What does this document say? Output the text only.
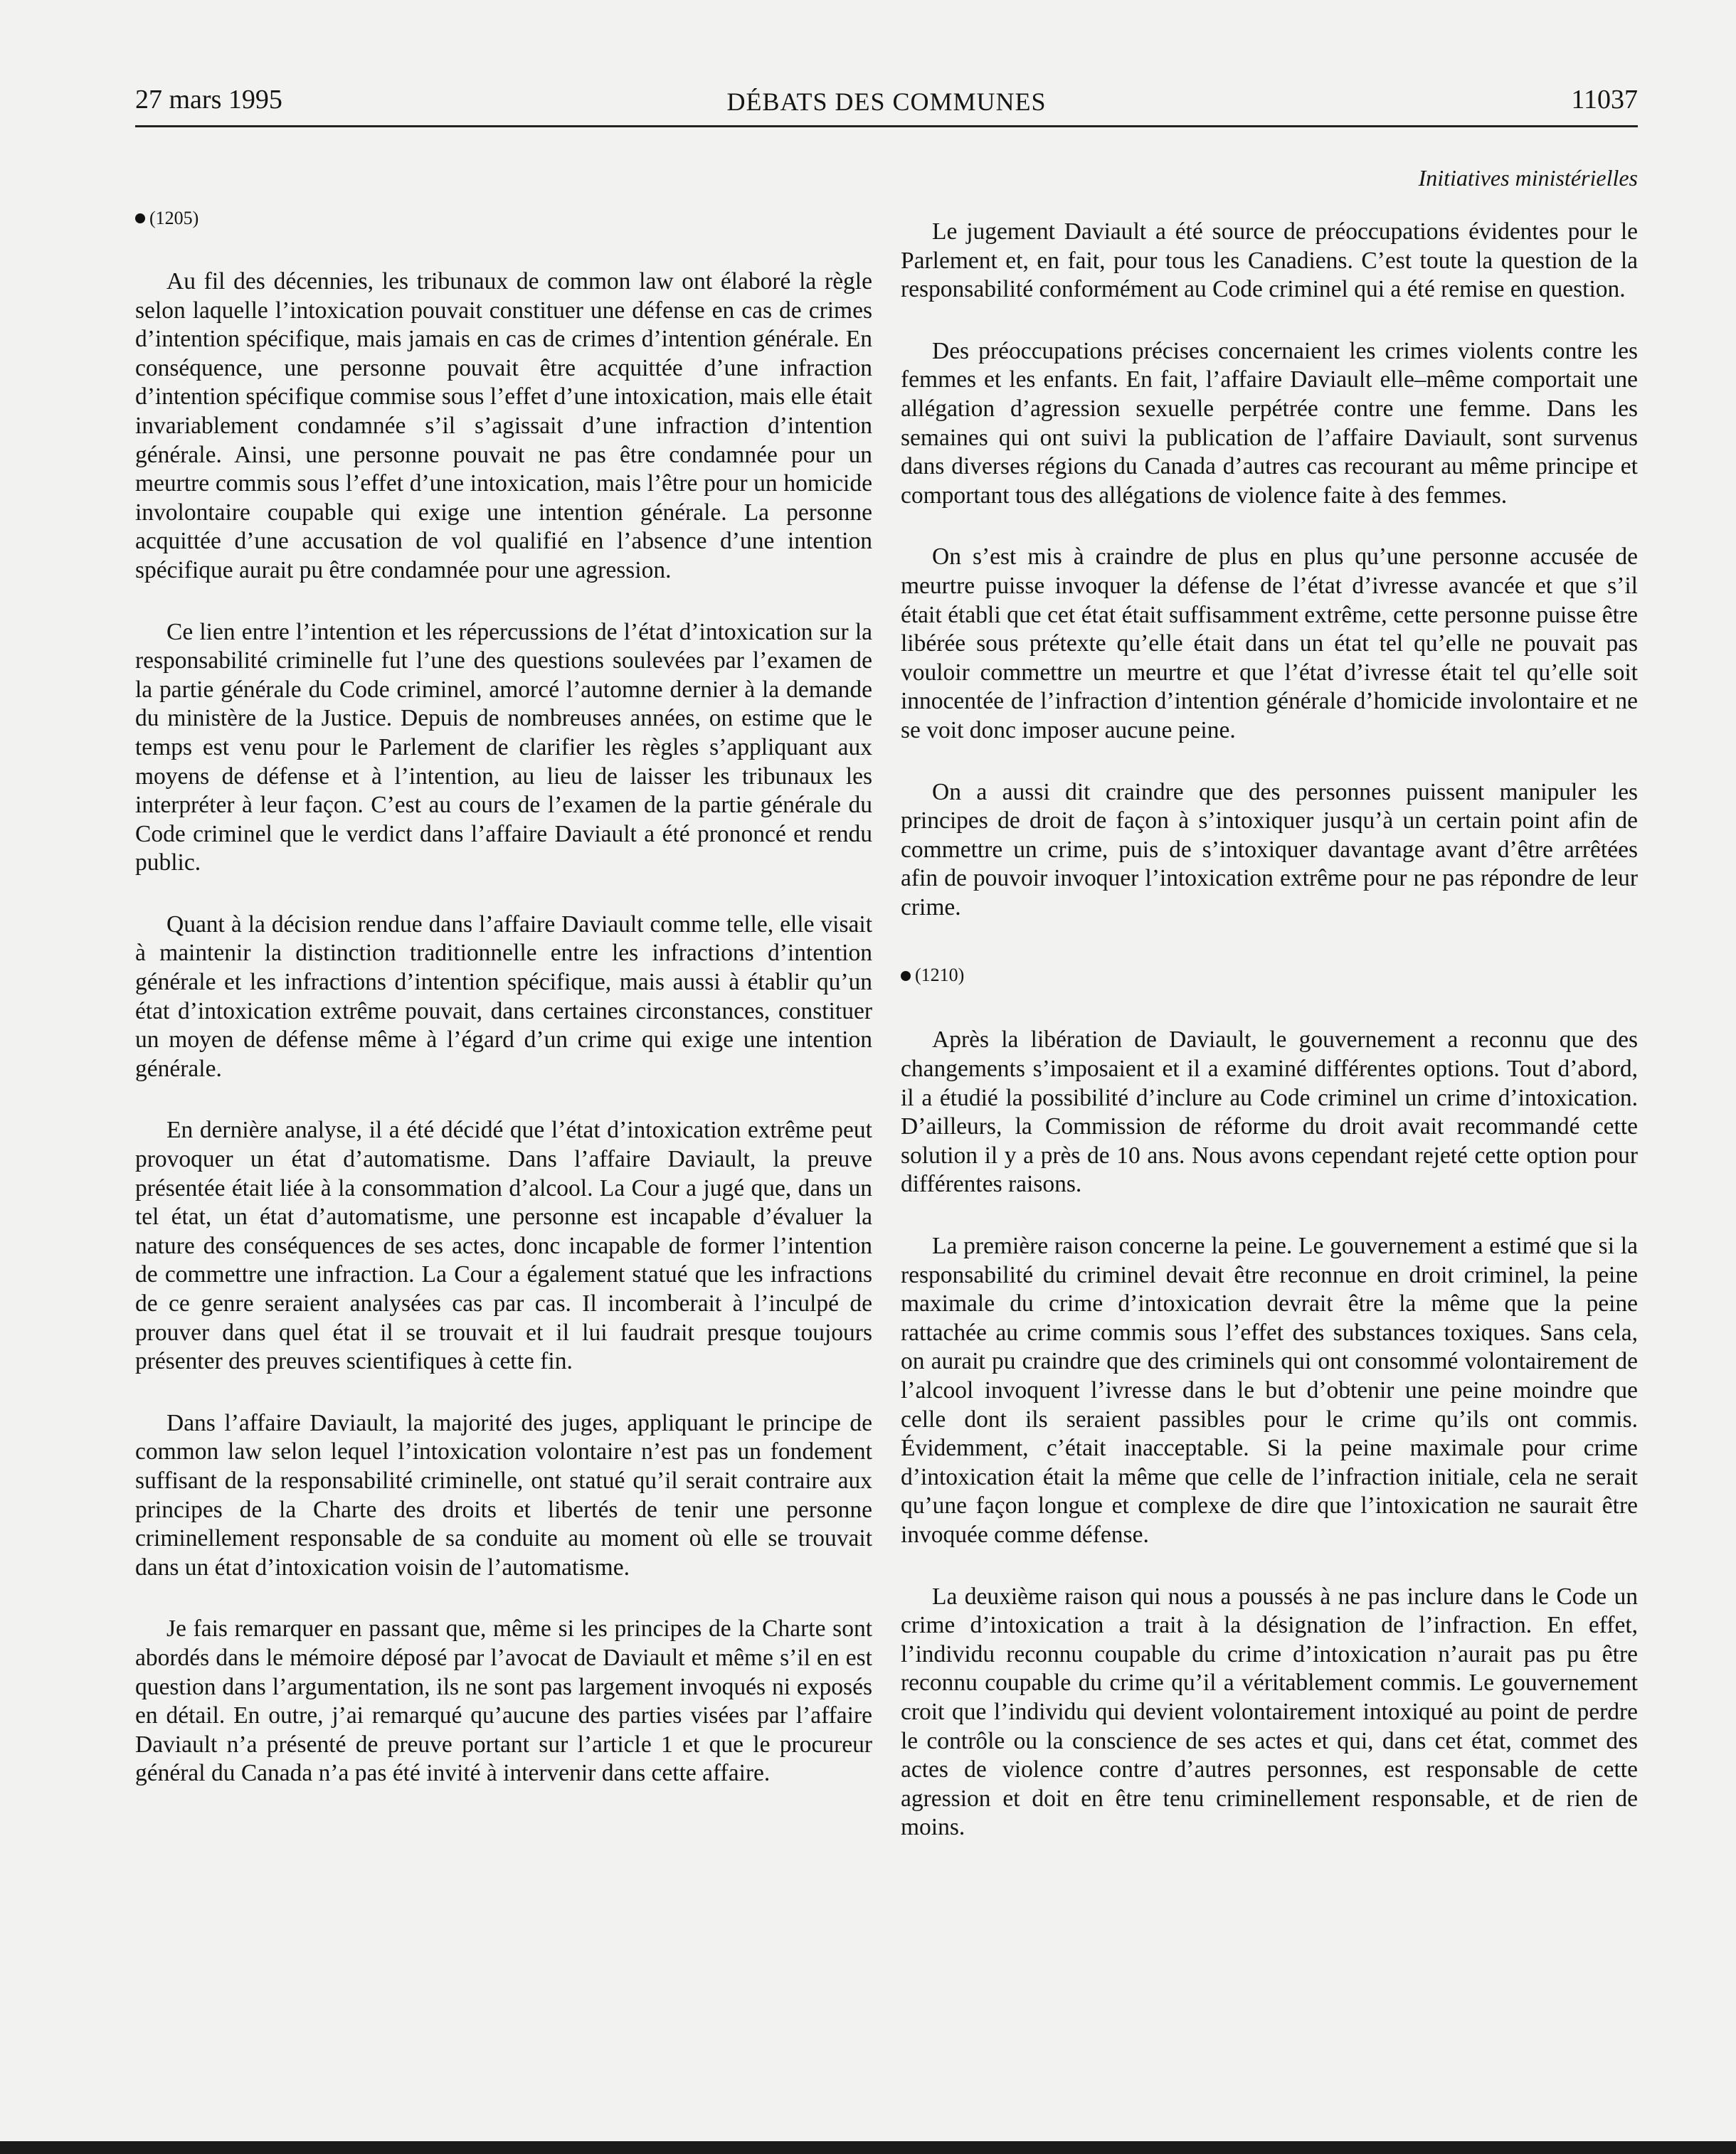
27 mars 1995	DÉBATS DES COMMUNES	11037
Initiatives ministérielles
(1205)

Au fil des décennies, les tribunaux de common law ont élaboré la règle selon laquelle l’intoxication pouvait constituer une défense en cas de crimes d’intention spécifique, mais jamais en cas de crimes d’intention générale. En conséquence, une personne pouvait être acquittée d’une infraction d’intention spécifique commise sous l’effet d’une intoxication, mais elle était invariablement condamnée s’il s’agissait d’une infraction d’intention générale. Ainsi, une personne pouvait ne pas être condamnée pour un meurtre commis sous l’effet d’une intoxication, mais l’être pour un homicide involontaire coupable qui exige une intention générale. La personne acquittée d’une accusation de vol qualifié en l’absence d’une intention spécifique aurait pu être condamnée pour une agression.

Ce lien entre l’intention et les répercussions de l’état d’intoxication sur la responsabilité criminelle fut l’une des questions soulevées par l’examen de la partie générale du Code criminel, amorcé l’automne dernier à la demande du ministère de la Justice. Depuis de nombreuses années, on estime que le temps est venu pour le Parlement de clarifier les règles s’appliquant aux moyens de défense et à l’intention, au lieu de laisser les tribunaux les interpréter à leur façon. C’est au cours de l’examen de la partie générale du Code criminel que le verdict dans l’affaire Daviault a été prononcé et rendu public.

Quant à la décision rendue dans l’affaire Daviault comme telle, elle visait à maintenir la distinction traditionnelle entre les infractions d’intention générale et les infractions d’intention spécifique, mais aussi à établir qu’un état d’intoxication extrême pouvait, dans certaines circonstances, constituer un moyen de défense même à l’égard d’un crime qui exige une intention générale.

En dernière analyse, il a été décidé que l’état d’intoxication extrême peut provoquer un état d’automatisme. Dans l’affaire Daviault, la preuve présentée était liée à la consommation d’alcool. La Cour a jugé que, dans un tel état, un état d’automatisme, une personne est incapable d’évaluer la nature des conséquences de ses actes, donc incapable de former l’intention de commettre une infraction. La Cour a également statué que les infractions de ce genre seraient analysées cas par cas. Il incomberait à l’inculpé de prouver dans quel état il se trouvait et il lui faudrait presque toujours présenter des preuves scientifiques à cette fin.

Dans l’affaire Daviault, la majorité des juges, appliquant le principe de common law selon lequel l’intoxication volontaire n’est pas un fondement suffisant de la responsabilité criminelle, ont statué qu’il serait contraire aux principes de la Charte des droits et libertés de tenir une personne criminellement responsable de sa conduite au moment où elle se trouvait dans un état d’intoxication voisin de l’automatisme.

Je fais remarquer en passant que, même si les principes de la Charte sont abordés dans le mémoire déposé par l’avocat de Daviault et même s’il en est question dans l’argumentation, ils ne sont pas largement invoqués ni exposés en détail. En outre, j’ai remarqué qu’aucune des parties visées par l’affaire Daviault n’a présenté de preuve portant sur l’article 1 et que le procureur général du Canada n’a pas été invité à intervenir dans cette affaire.

Le jugement Daviault a été source de préoccupations évidentes pour le Parlement et, en fait, pour tous les Canadiens. C’est toute la question de la responsabilité conformément au Code criminel qui a été remise en question.

Des préoccupations précises concernaient les crimes violents contre les femmes et les enfants. En fait, l’affaire Daviault elle–même comportait une allégation d’agression sexuelle perpétrée contre une femme. Dans les semaines qui ont suivi la publication de l’affaire Daviault, sont survenus dans diverses régions du Canada d’autres cas recourant au même principe et comportant tous des allégations de violence faite à des femmes.

On s’est mis à craindre de plus en plus qu’une personne accusée de meurtre puisse invoquer la défense de l’état d’ivresse avancée et que s’il était établi que cet état était suffisamment extrême, cette personne puisse être libérée sous prétexte qu’elle était dans un état tel qu’elle ne pouvait pas vouloir commettre un meurtre et que l’état d’ivresse était tel qu’elle soit innocentée de l’infraction d’intention générale d’homicide involontaire et ne se voit donc imposer aucune peine.

On a aussi dit craindre que des personnes puissent manipuler les principes de droit de façon à s’intoxiquer jusqu’à un certain point afin de commettre un crime, puis de s’intoxiquer davantage avant d’être arrêtées afin de pouvoir invoquer l’intoxication extrême pour ne pas répondre de leur crime.

(1210)

Après la libération de Daviault, le gouvernement a reconnu que des changements s’imposaient et il a examiné différentes options. Tout d’abord, il a étudié la possibilité d’inclure au Code criminel un crime d’intoxication. D’ailleurs, la Commission de réforme du droit avait recommandé cette solution il y a près de 10 ans. Nous avons cependant rejeté cette option pour différentes raisons.

La première raison concerne la peine. Le gouvernement a estimé que si la responsabilité du criminel devait être reconnue en droit criminel, la peine maximale du crime d’intoxication devrait être la même que la peine rattachée au crime commis sous l’effet des substances toxiques. Sans cela, on aurait pu craindre que des criminels qui ont consommé volontairement de l’alcool invoquent l’ivresse dans le but d’obtenir une peine moindre que celle dont ils seraient passibles pour le crime qu’ils ont commis. Évidemment, c’était inacceptable. Si la peine maximale pour crime d’intoxication était la même que celle de l’infraction initiale, cela ne serait qu’une façon longue et complexe de dire que l’intoxication ne saurait être invoquée comme défense.

La deuxième raison qui nous a poussés à ne pas inclure dans le Code un crime d’intoxication a trait à la désignation de l’infraction. En effet, l’individu reconnu coupable du crime d’intoxication n’aurait pas pu être reconnu coupable du crime qu’il a véritablement commis. Le gouvernement croit que l’individu qui devient volontairement intoxiqué au point de perdre le contrôle ou la conscience de ses actes et qui, dans cet état, commet des actes de violence contre d’autres personnes, est responsable de cette agression et doit en être tenu criminellement responsable, et de rien de moins.
